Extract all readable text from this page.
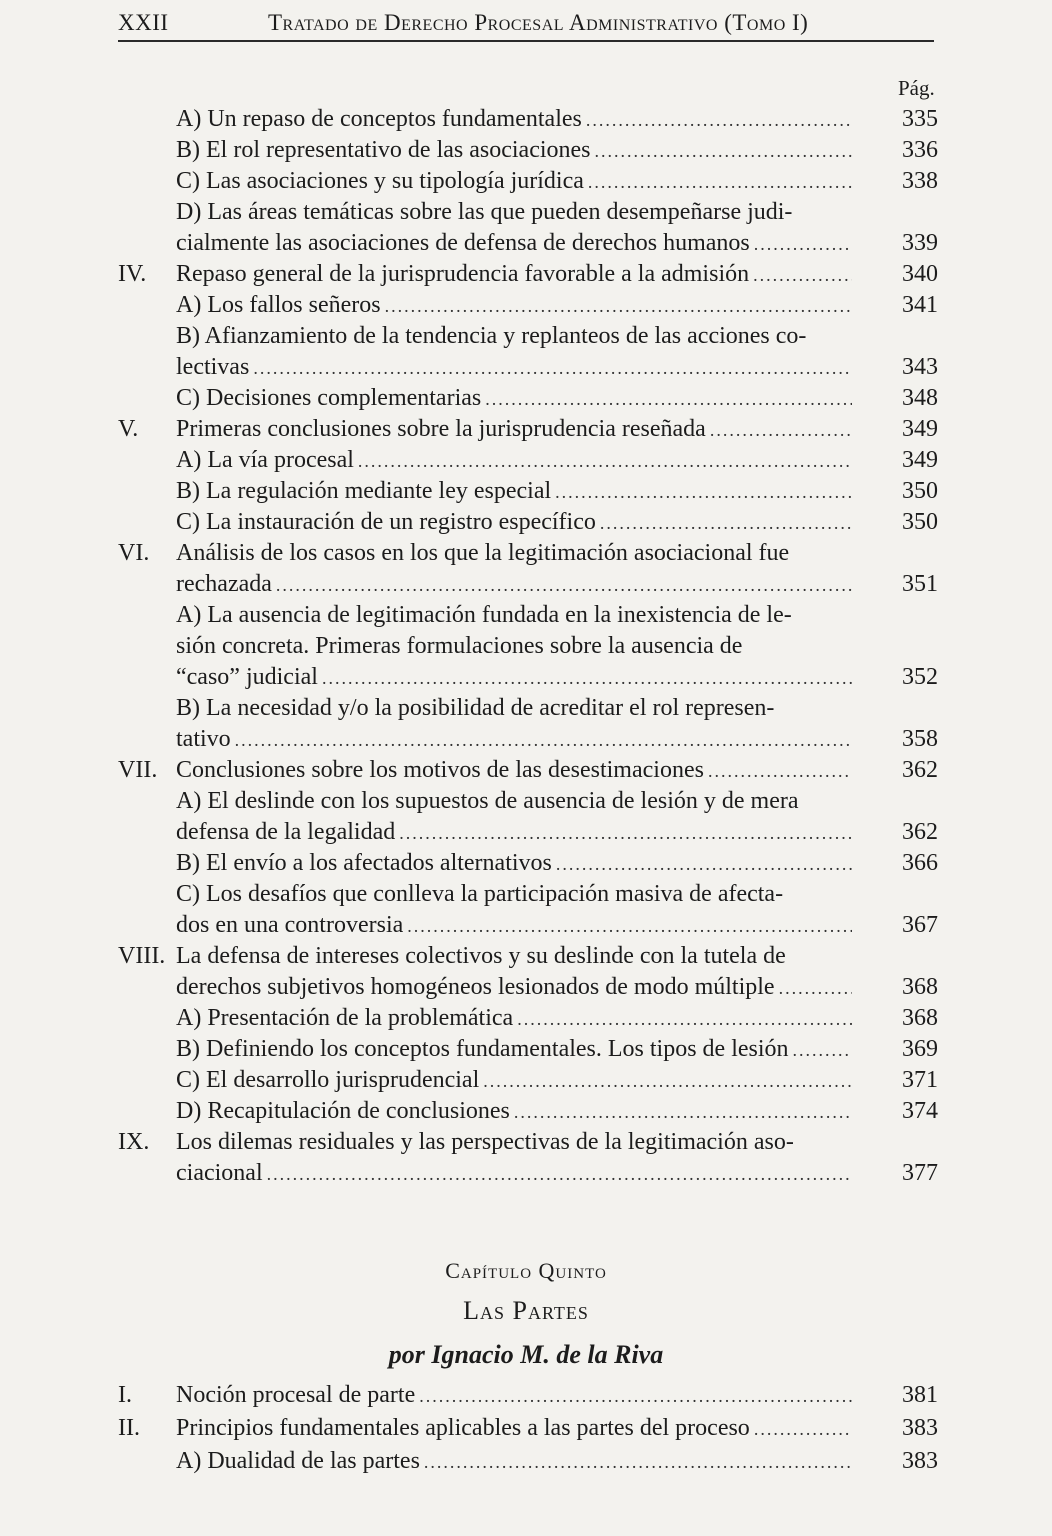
XXII	Tratado de Derecho Procesal Administrativo (Tomo I)
Pág.
A) Un repaso de conceptos fundamentales .....	335
B) El rol representativo de las asociaciones .....	336
C) Las asociaciones y su tipología jurídica .....	338
D) Las áreas temáticas sobre las que pueden desempeñarse judi-
cialmente las asociaciones de defensa de derechos humanos .....	339
IV. Repaso general de la jurisprudencia favorable a la admisión .....	340
A) Los fallos señeros .....	341
B) Afianzamiento de la tendencia y replanteos de las acciones co-
lectivas .....	343
C) Decisiones complementarias .....	348
V. Primeras conclusiones sobre la jurisprudencia reseñada .....	349
A) La vía procesal .....	349
B) La regulación mediante ley especial .....	350
C) La instauración de un registro específico .....	350
VI. Análisis de los casos en los que la legitimación asociacional fue
rechazada .....	351
A) La ausencia de legitimación fundada en la inexistencia de le-
sión concreta. Primeras formulaciones sobre la ausencia de
“caso” judicial .....	352
B) La necesidad y/o la posibilidad de acreditar el rol represen-
tativo .....	358
VII. Conclusiones sobre los motivos de las desestimaciones .....	362
A) El deslinde con los supuestos de ausencia de lesión y de mera
defensa de la legalidad .....	362
B) El envío a los afectados alternativos .....	366
C) Los desafíos que conlleva la participación masiva de afecta-
dos en una controversia .....	367
VIII. La defensa de intereses colectivos y su deslinde con la tutela de
derechos subjetivos homogéneos lesionados de modo múltiple .....	368
A) Presentación de la problemática .....	368
B) Definiendo los conceptos fundamentales. Los tipos de lesión .....	369
C) El desarrollo jurisprudencial .....	371
D) Recapitulación de conclusiones .....	374
IX. Los dilemas residuales y las perspectivas de la legitimación aso-
ciacional .....	377
Capítulo Quinto
Las Partes
por Ignacio M. de la Riva
I. Noción procesal de parte .....	381
II. Principios fundamentales aplicables a las partes del proceso .....	383
A) Dualidad de las partes .....	383
